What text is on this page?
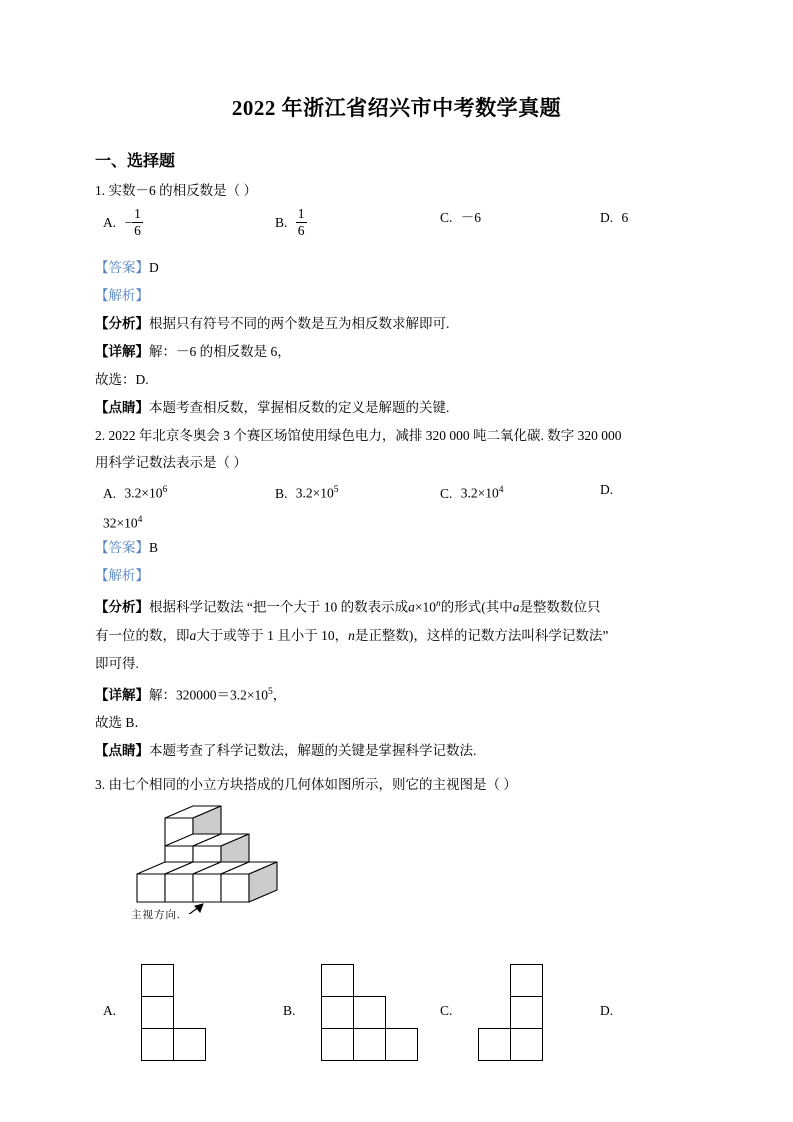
2022 年浙江省绍兴市中考数学真题
一、选择题
1. 实数－6 的相反数是（ ）
A. − $\frac{1}{6}$	B. $\frac{1}{6}$	C. －6	D. 6
【答案】D
【解析】
【分析】根据只有符号不同的两个数是互为相反数求解即可.
【详解】解：－6 的相反数是 6，
故选：D.
【点睛】本题考查相反数，掌握相反数的定义是解题的关键.
2. 2022 年北京冬奥会 3 个赛区场馆使用绿色电力，减排 320 000 吨二氧化碳. 数字 320 000
用科学记数法表示是（ ）
A. $3.2\times 10^6$	B. $3.2\times 10^5$	C. $3.2\times 10^4$	D.
$32\times 10^4$
【答案】B
【解析】
【分析】根据科学记数法 “把一个大于 10 的数表示成$a\times 10^n$的形式(其中a是整数数位只
有一位的数，即a大于或等于 1 且小于 10，n是正整数)，这样的记数方法叫科学记数法”
即可得.
【详解】解：$320000=3.2\times 10^5$，
故选 B．
【点睛】本题考查了科学记数法，解题的关键是掌握科学记数法.
3. 由七个相同的小立方块搭成的几何体如图所示，则它的主视图是（ ）
主视方向.
A.	B.	C.	D.
